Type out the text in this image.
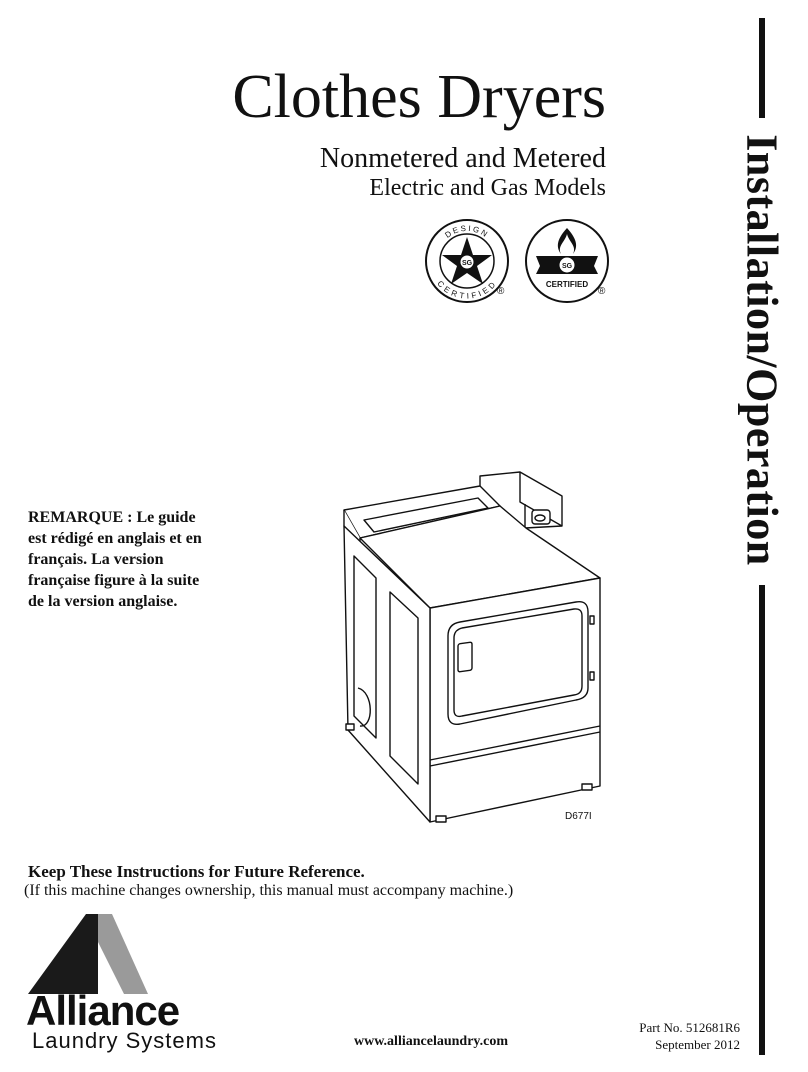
Installation/Operation
Clothes Dryers
Nonmetered and Metered
Electric and Gas Models
DESIGN
CERTIFIED
SG
®
SG
CERTIFIED
®
REMARQUE : Le guide est rédigé en anglais et en français. La version française figure à la suite de la version anglaise.
D677I
Keep These Instructions for Future Reference.
(If this machine changes ownership, this manual must accompany machine.)
Alliance
Laundry Systems	www.alliancelaundry.com
Part No. 512681R6
September 2012
